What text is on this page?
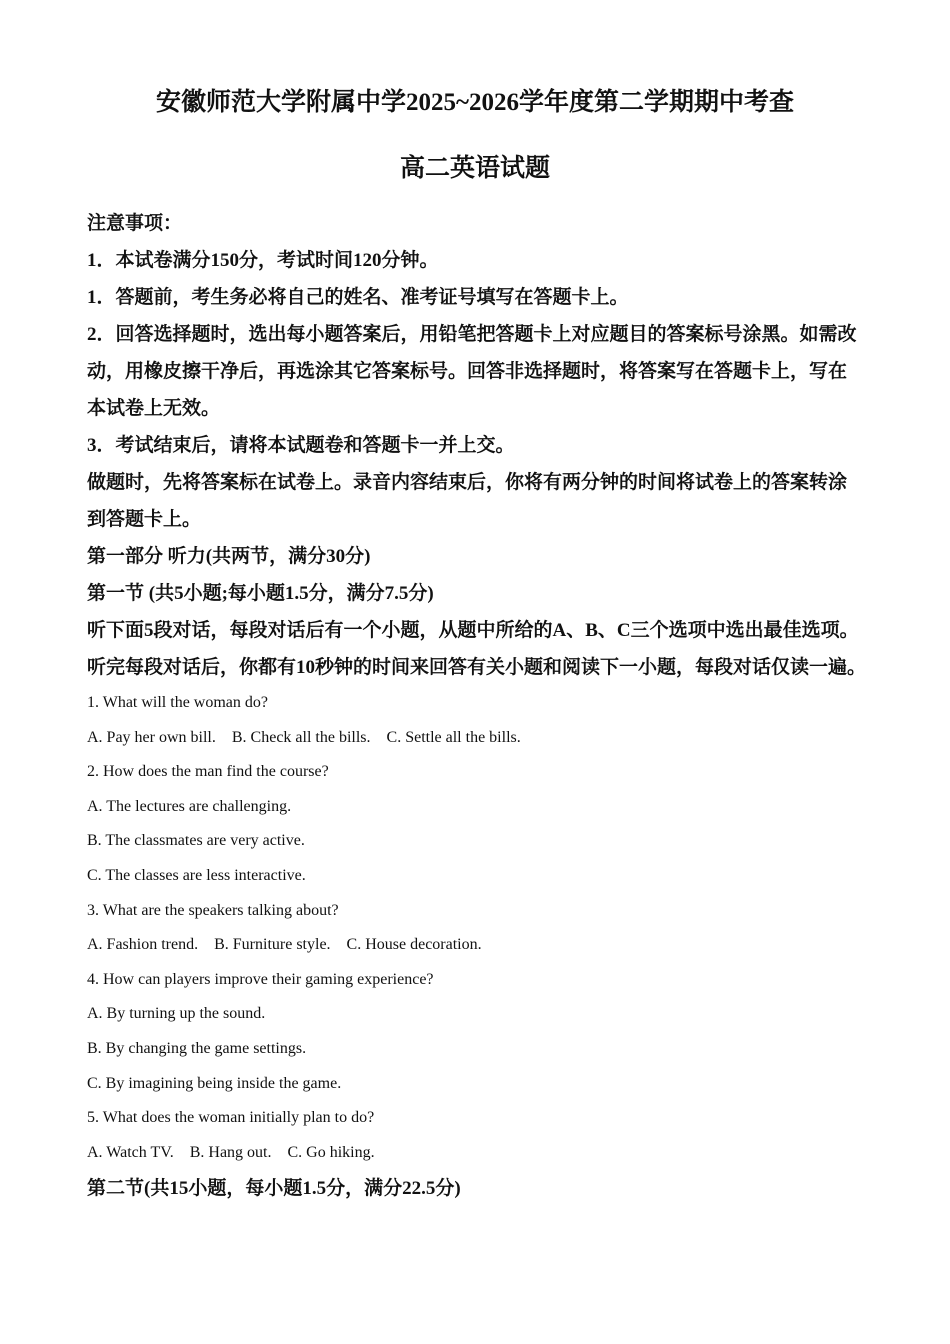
安徽师范大学附属中学2025~2026学年度第二学期期中考查
高二英语试题

注意事项：

1．本试卷满分150分，考试时间120分钟。

1．答题前，考生务必将自己的姓名、准考证号填写在答题卡上。

2．回答选择题时，选出每小题答案后，用铅笔把答题卡上对应题目的答案标号涂黑。如需改

动，用橡皮擦干净后，再选涂其它答案标号。回答非选择题时，将答案写在答题卡上，写在

本试卷上无效。

3．考试结束后，请将本试题卷和答题卡一并上交。

做题时，先将答案标在试卷上。录音内容结束后，你将有两分钟的时间将试卷上的答案转涂

到答题卡上。

第一部分 听力(共两节，满分30分)

第一节 (共5小题;每小题1.5分，满分7.5分)

听下面5段对话，每段对话后有一个小题，从题中所给的A、B、C三个选项中选出最佳选项。

听完每段对话后，你都有10秒钟的时间来回答有关小题和阅读下一小题，每段对话仅读一遍。

1. What will the woman do?

A. Pay her own bill.    B. Check all the bills.    C. Settle all the bills.

2. How does the man find the course?

A. The lectures are challenging.

B. The classmates are very active.

C. The classes are less interactive.

3. What are the speakers talking about?

A. Fashion trend.    B. Furniture style.    C. House decoration.

4. How can players improve their gaming experience?

A. By turning up the sound.

B. By changing the game settings.

C. By imagining being inside the game.

5. What does the woman initially plan to do?

A. Watch TV.    B. Hang out.    C. Go hiking.

第二节(共15小题，每小题1.5分，满分22.5分)
